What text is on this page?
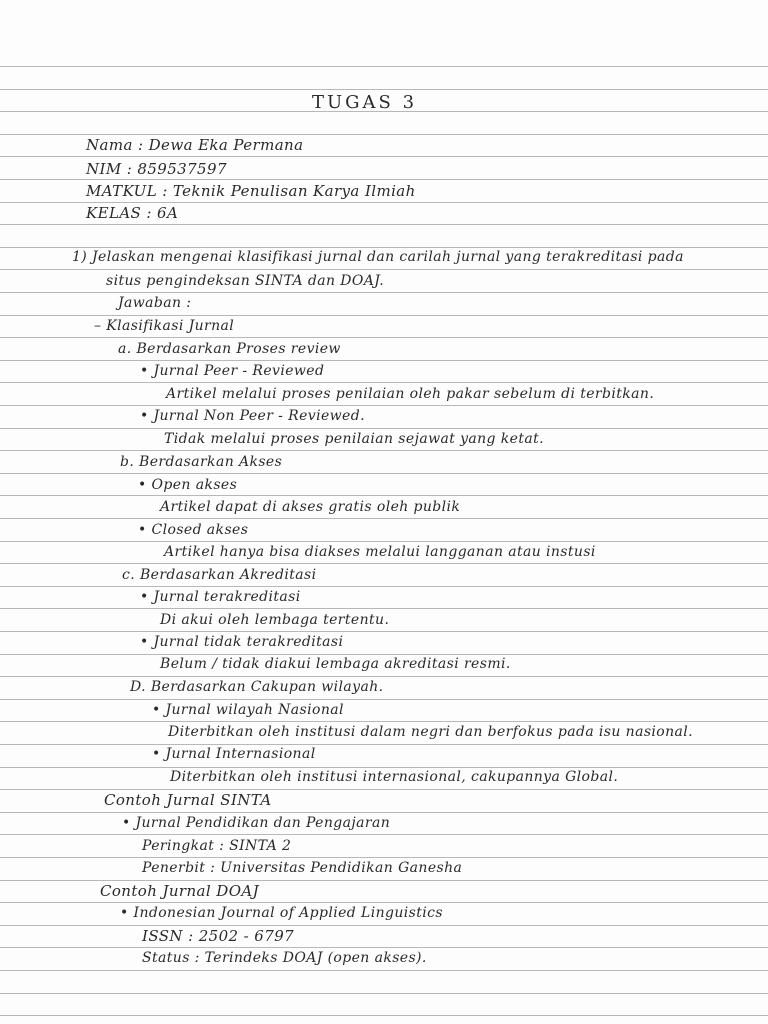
TUGAS 3
Nama : Dewa Eka Permana
NIM : 859537597
MATKUL : Teknik Penulisan Karya Ilmiah
KELAS : 6A
1) Jelaskan mengenai klasifikasi jurnal dan carilah jurnal yang terakreditasi pada
situs pengindeksan SINTA dan DOAJ.
Jawaban :
– Klasifikasi Jurnal
a. Berdasarkan Proses review
• Jurnal Peer - Reviewed
Artikel melalui proses penilaian oleh pakar sebelum di terbitkan.
• Jurnal Non Peer - Reviewed.
Tidak melalui proses penilaian sejawat yang ketat.
b. Berdasarkan Akses
• Open akses
Artikel dapat di akses gratis oleh publik
• Closed akses
Artikel hanya bisa diakses melalui langganan atau instusi
c. Berdasarkan Akreditasi
• Jurnal terakreditasi
Di akui oleh lembaga tertentu.
• Jurnal tidak terakreditasi
Belum / tidak diakui lembaga akreditasi resmi.
D. Berdasarkan Cakupan wilayah.
• Jurnal wilayah Nasional
Diterbitkan oleh institusi dalam negri dan berfokus pada isu nasional.
• Jurnal Internasional
Diterbitkan oleh institusi internasional, cakupannya Global.
Contoh Jurnal SINTA
• Jurnal Pendidikan dan Pengajaran
Peringkat : SINTA 2
Penerbit : Universitas Pendidikan Ganesha
Contoh Jurnal DOAJ
• Indonesian Journal of Applied Linguistics
ISSN : 2502 - 6797
Status : Terindeks DOAJ (open akses).
